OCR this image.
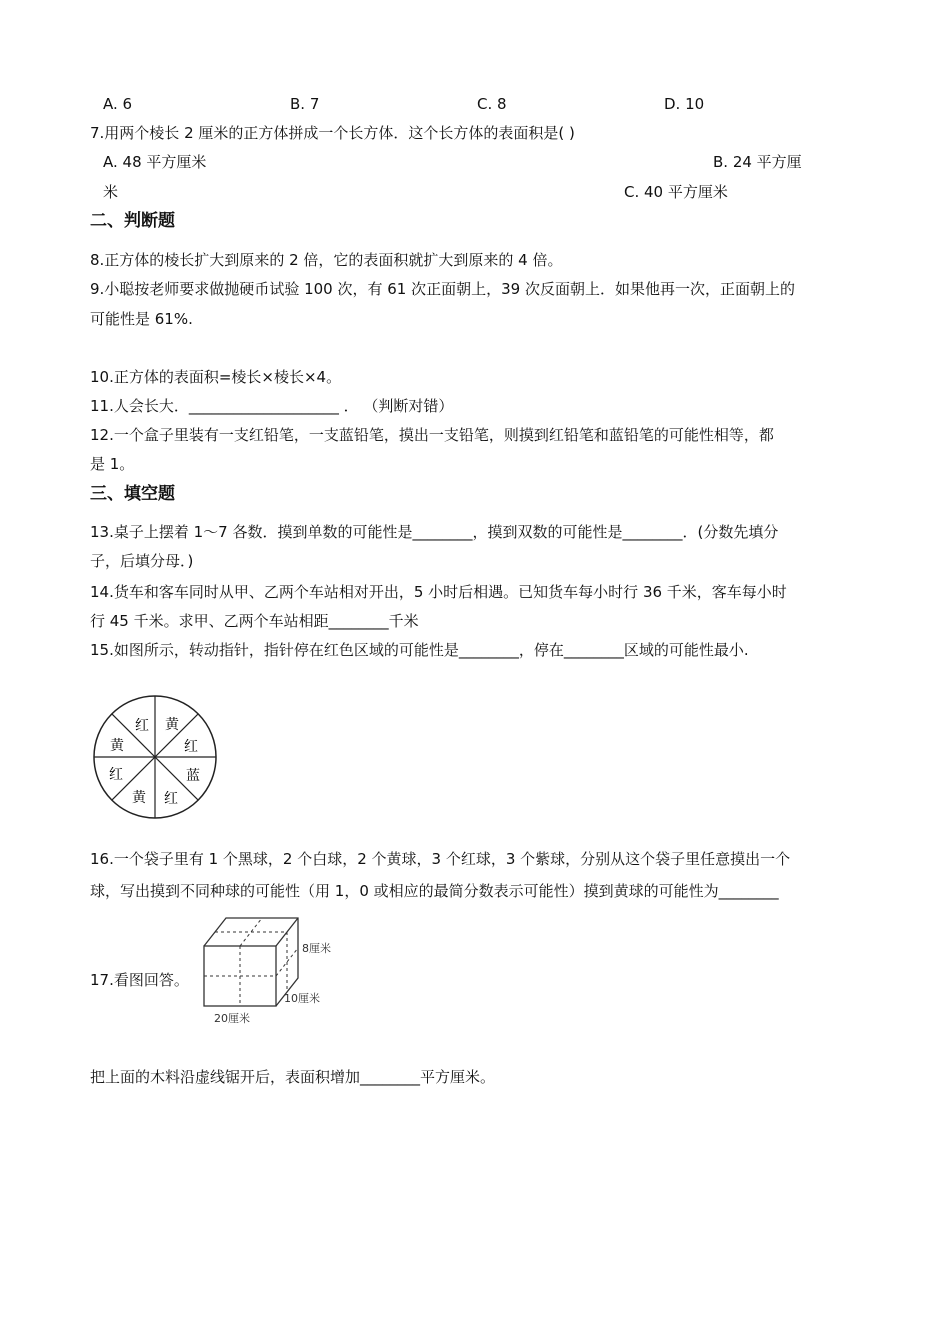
A. 6	B. 7	C. 8	D. 10
7.用两个棱长 2 厘米的正方体拼成一个长方体．这个长方体的表面积是( )
A. 48 平方厘米	B. 24 平方厘
米	C. 40 平方厘米
二、判断题
8.正方体的棱长扩大到原来的 2 倍，它的表面积就扩大到原来的 4 倍。
9.小聪按老师要求做抛硬币试验 100 次，有 61 次正面朝上，39 次反面朝上．如果他再一次，正面朝上的
可能性是 61%.
10.正方体的表面积=棱长×棱长×4。
11.人会长大．____________________ ． （判断对错）
12.一个盒子里装有一支红铅笔，一支蓝铅笔，摸出一支铅笔，则摸到红铅笔和蓝铅笔的可能性相等，都
是 1。
三、填空题
13.桌子上摆着 1～7 各数．摸到单数的可能性是________，摸到双数的可能性是________．(分数先填分
子，后填分母．)
14.货车和客车同时从甲、乙两个车站相对开出，5 小时后相遇。已知货车每小时行 36 千米，客车每小时
行 45 千米。求甲、乙两个车站相距________千米
15.如图所示，转动指针，指针停在红色区域的可能性是________，停在________区域的可能性最小.
红 黄
红
蓝
红
黄
红
黄
16.一个袋子里有 1 个黑球，2 个白球，2 个黄球，3 个红球，3 个紫球，分别从这个袋子里任意摸出一个
球，写出摸到不同种球的可能性（用 1，0 或相应的最简分数表示可能性）摸到黄球的可能性为________
17.看图回答。
8厘米
10厘米
20厘米
把上面的木料沿虚线锯开后，表面积增加________平方厘米。
